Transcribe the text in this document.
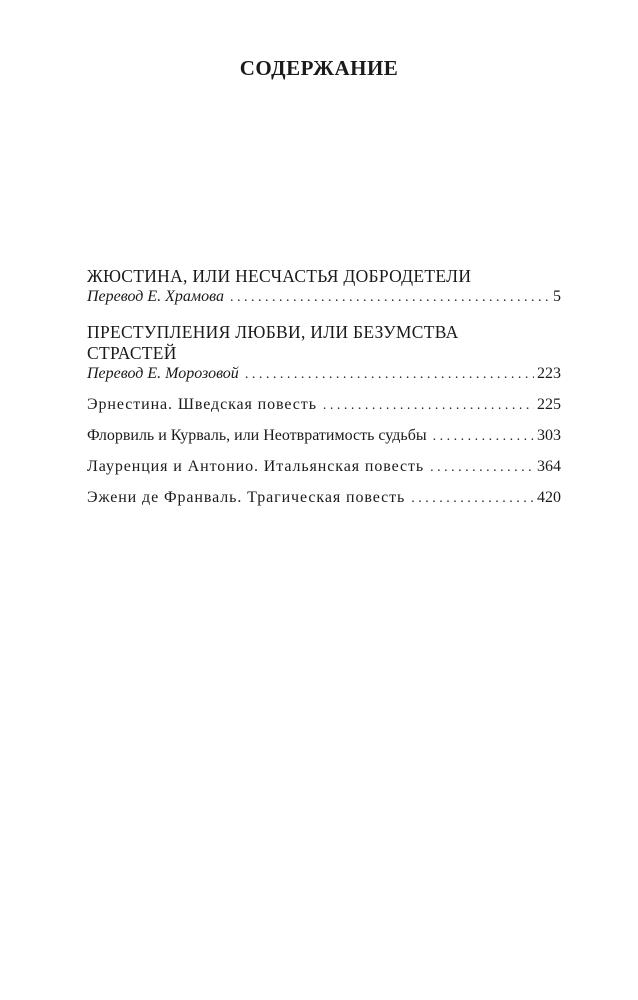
СОДЕРЖАНИЕ
ЖЮСТИНА, ИЛИ НЕСЧАСТЬЯ ДОБРОДЕТЕЛИ
Перевод Е. Храмова . . .	5
ПРЕСТУПЛЕНИЯ ЛЮБВИ, ИЛИ БЕЗУМСТВА
СТРАСТЕЙ
Перевод Е. Морозовой . . .	223
Эрнестина. Шведская повесть . . .	225
Флорвиль и Курваль, или Неотвратимость судьбы . . .	303
Лауренция и Антонио. Итальянская повесть . . .	364
Эжени де Франваль. Трагическая повесть . . .	420
